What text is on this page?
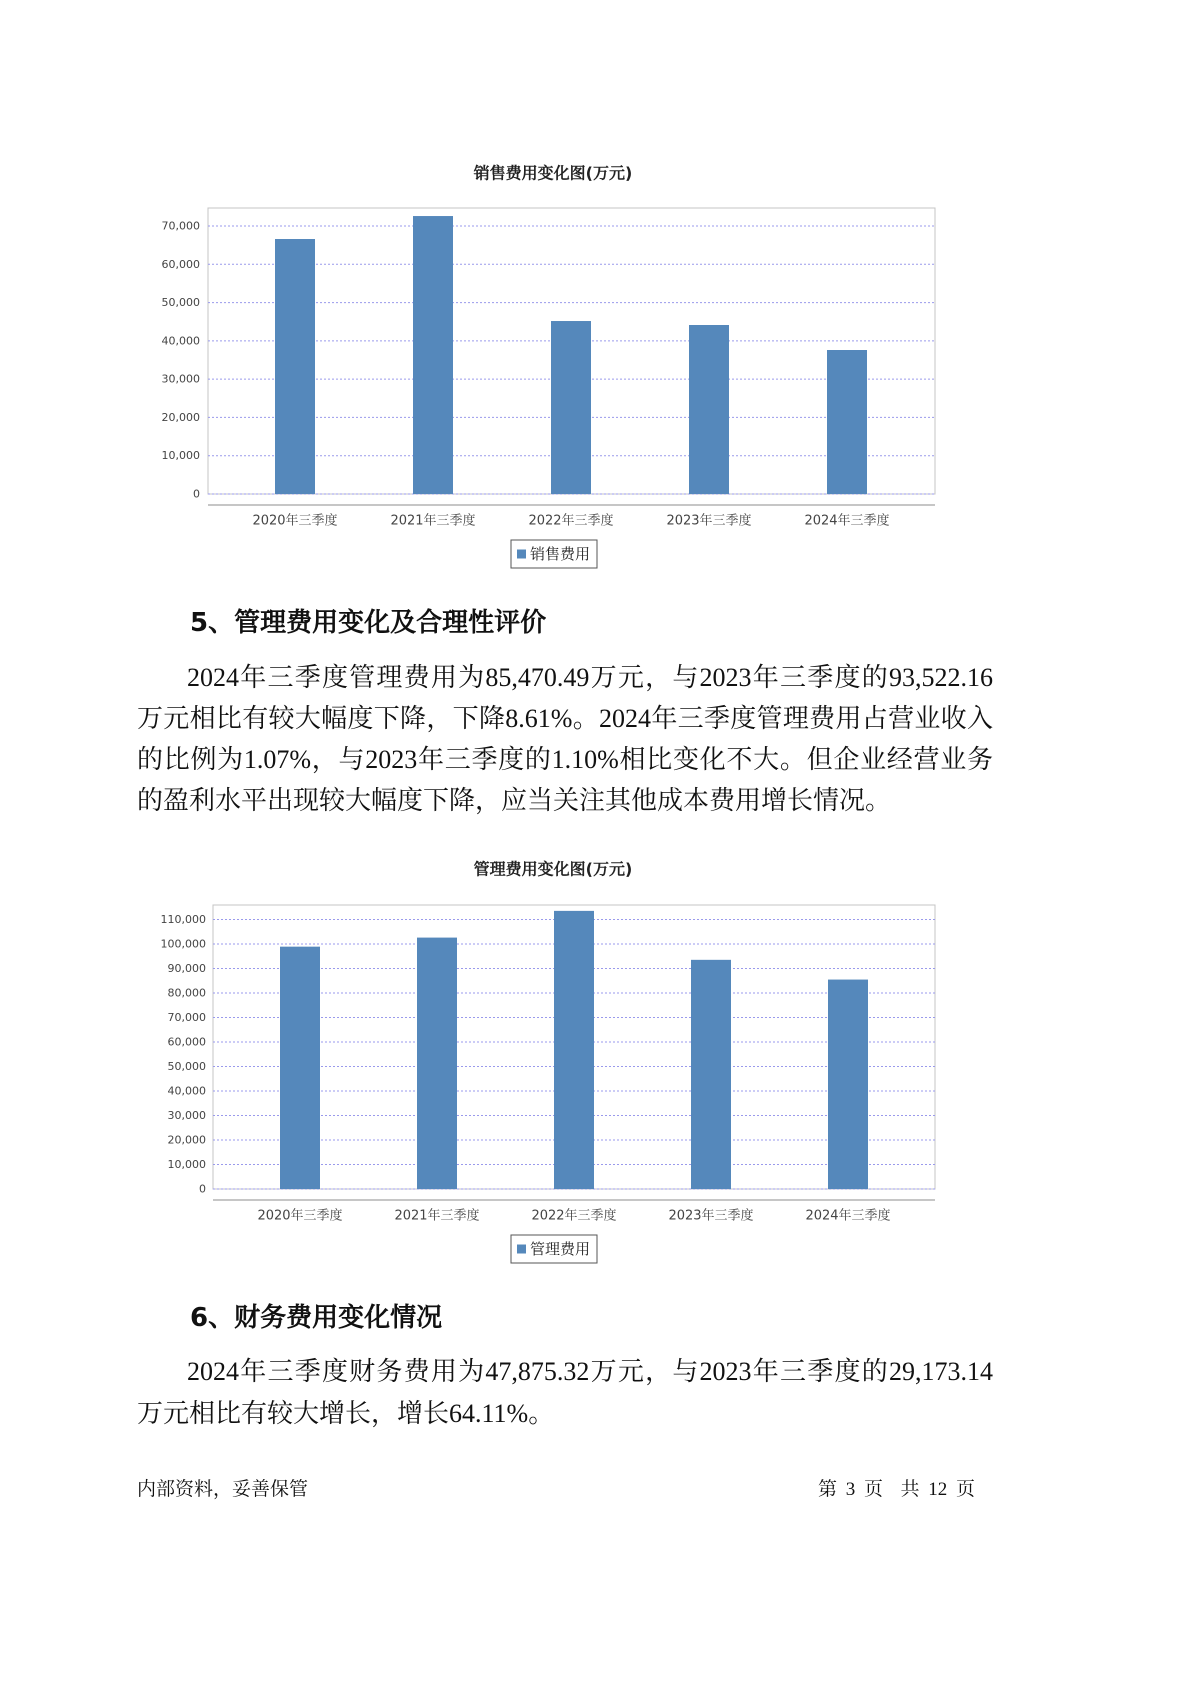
销售费用变化图(万元)
0
10,000
20,000
30,000
40,000
50,000
60,000
70,000
2020年三季度	2021年三季度	2022年三季度	2023年三季度	2024年三季度
销售费用
5、管理费用变化及合理性评价
2024年三季度管理费用为85,470.49万元，与2023年三季度的93,522.16
万元相比有较大幅度下降，下降8.61%。2024年三季度管理费用占营业收入
的比例为1.07%，与2023年三季度的1.10%相比变化不大。但企业经营业务
的盈利水平出现较大幅度下降，应当关注其他成本费用增长情况。
管理费用变化图(万元)
0
10,000
20,000
30,000
40,000
50,000
60,000
70,000
80,000
90,000
100,000
110,000
2020年三季度	2021年三季度	2022年三季度	2023年三季度	2024年三季度
管理费用
6、财务费用变化情况
2024年三季度财务费用为47,875.32万元，与2023年三季度的29,173.14
万元相比有较大增长，增长64.11%。
内部资料，妥善保管	第 3 页  共 12 页
